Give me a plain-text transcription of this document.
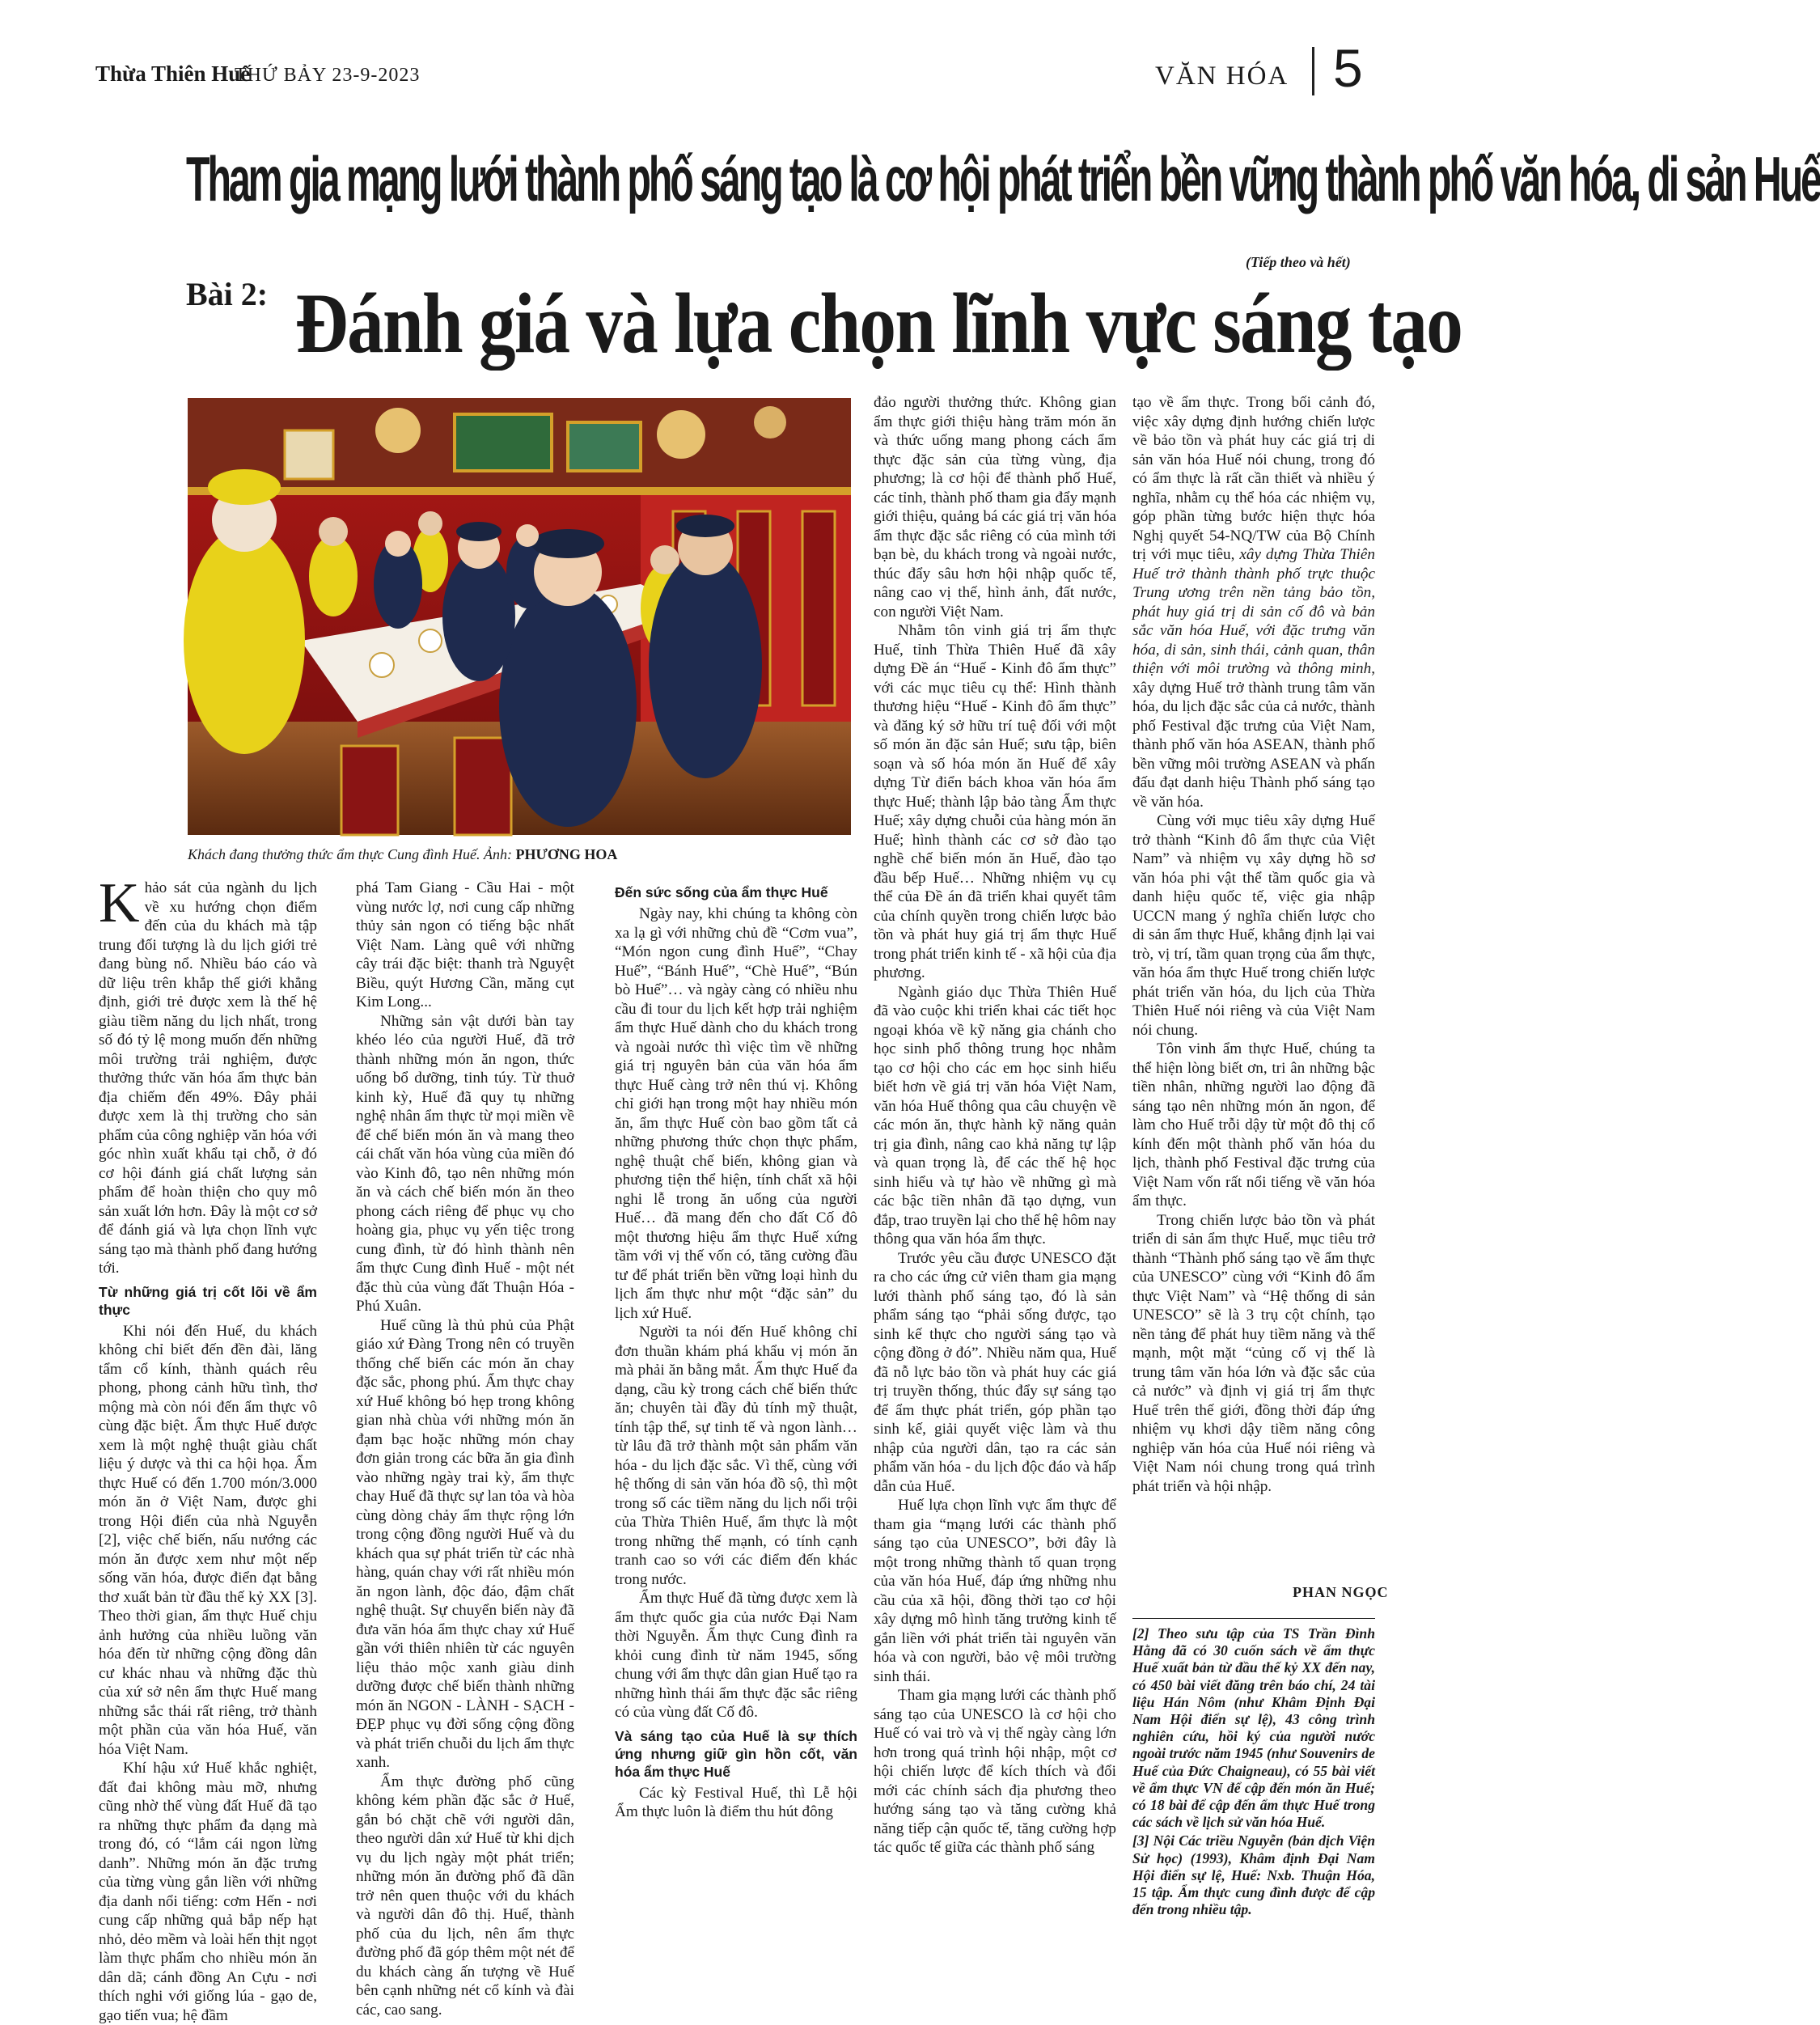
Thừa Thiên Huế
THỨ BẢY 23-9-2023	VĂN HÓA 5
Tham gia mạng lưới thành phố sáng tạo là cơ hội phát triển bền vững thành phố văn hóa, di sản Huế
(Tiếp theo và hết)
Bài 2: Đánh giá và lựa chọn lĩnh vực sáng tạo
Khách đang thưởng thức ẩm thực Cung đình Huế. Ảnh: PHƯƠNG HOA

Khảo sát của ngành du lịch về xu hướng chọn điểm đến của du khách mà tập trung đối tượng là du lịch giới trẻ đang bùng nổ. Nhiều báo cáo và dữ liệu trên khắp thế giới khẳng định, giới trẻ được xem là thế hệ giàu tiềm năng du lịch nhất, trong số đó tỷ lệ mong muốn đến những môi trường trải nghiệm, được thưởng thức văn hóa ẩm thực bản địa chiếm đến 49%. Đây phải được xem là thị trường cho sản phẩm của công nghiệp văn hóa với góc nhìn xuất khẩu tại chỗ, ở đó cơ hội đánh giá chất lượng sản phẩm để hoàn thiện cho quy mô sản xuất lớn hơn. Đây là một cơ sở để đánh giá và lựa chọn lĩnh vực sáng tạo mà thành phố đang hướng tới.

Từ những giá trị cốt lõi về ẩm thực

Khi nói đến Huế, du khách không chỉ biết đến đền đài, lăng tẩm cổ kính, thành quách rêu phong, phong cảnh hữu tình, thơ mộng mà còn nói đến ẩm thực vô cùng đặc biệt. Ẩm thực Huế được xem là một nghệ thuật giàu chất liệu ý dược và thi ca hội họa. Ẩm thực Huế có đến 1.700 món/3.000 món ăn ở Việt Nam, được ghi trong Hội điển của nhà Nguyễn [2], việc chế biến, nấu nướng các món ăn được xem như một nếp sống văn hóa, được điển đạt bằng thơ xuất bản từ đầu thế kỷ XX [3]. Theo thời gian, ẩm thực Huế chịu ảnh hưởng của nhiều luồng văn hóa đến từ những cộng đồng dân cư khác nhau và những đặc thù của xứ sở nên ẩm thực Huế mang những sắc thái rất riêng, trở thành một phần của văn hóa Huế, văn hóa Việt Nam.

Khí hậu xứ Huế khắc nghiệt, đất đai không màu mỡ, nhưng cũng nhờ thế vùng đất Huế đã tạo ra những thực phẩm đa dạng mà trong đó, có “lắm cái ngon lừng danh”. Những món ăn đặc trưng của từng vùng gắn liền với những địa danh nổi tiếng: cơm Hến - nơi cung cấp những quả bắp nếp hạt nhỏ, dẻo mềm và loài hến thịt ngọt làm thực phẩm cho nhiều món ăn dân dã; cánh đồng An Cựu - nơi thích nghi với giống lúa - gạo de, gạo tiến vua; hệ đầm

phá Tam Giang - Cầu Hai - một vùng nước lợ, nơi cung cấp những thủy sản ngon có tiếng bậc nhất Việt Nam. Làng quê với những cây trái đặc biệt: thanh trà Nguyệt Biều, quýt Hương Cần, măng cụt Kim Long...

Những sản vật dưới bàn tay khéo léo của người Huế, đã trở thành những món ăn ngon, thức uống bổ dưỡng, tinh túy. Từ thuở kinh kỳ, Huế đã quy tụ những nghệ nhân ẩm thực từ mọi miền về để chế biến món ăn và mang theo cái chất văn hóa vùng của miền đó vào Kinh đô, tạo nên những món ăn và cách chế biến món ăn theo phong cách riêng để phục vụ cho hoàng gia, phục vụ yến tiệc trong cung đình, từ đó hình thành nên ẩm thực Cung đình Huế - một nét đặc thù của vùng đất Thuận Hóa - Phú Xuân.

Huế cũng là thủ phủ của Phật giáo xứ Đàng Trong nên có truyền thống chế biến các món ăn chay đặc sắc, phong phú. Ẩm thực chay xứ Huế không bó hẹp trong không gian nhà chùa với những món ăn đạm bạc hoặc những món chay đơn giản trong các bữa ăn gia đình vào những ngày trai kỳ, ẩm thực chay Huế đã thực sự lan tỏa và hòa cùng dòng chảy ẩm thực rộng lớn trong cộng đồng người Huế và du khách qua sự phát triển từ các nhà hàng, quán chay với rất nhiều món ăn ngon lành, độc đáo, đậm chất nghệ thuật. Sự chuyển biến này đã đưa văn hóa ẩm thực chay xứ Huế gần với thiên nhiên từ các nguyên liệu thảo mộc xanh giàu dinh dưỡng được chế biến thành những món ăn NGON - LÀNH - SẠCH - ĐẸP phục vụ đời sống cộng đồng và phát triển chuỗi du lịch ẩm thực xanh.

Ẩm thực đường phố cũng không kém phần đặc sắc ở Huế, gắn bó chặt chẽ với người dân, theo người dân xứ Huế từ khi dịch vụ du lịch ngày một phát triển; những món ăn đường phố đã dần trở nên quen thuộc với du khách và người dân đô thị. Huế, thành phố của du lịch, nên ẩm thực đường phố đã góp thêm một nét để du khách càng ấn tượng về Huế bên cạnh những nét cổ kính và đài các, cao sang.

Đến sức sống của ẩm thực Huế

Ngày nay, khi chúng ta không còn xa lạ gì với những chủ đề “Cơm vua”, “Món ngon cung đình Huế”, “Chay Huế”, “Bánh Huế”, “Chè Huế”, “Bún bò Huế”… và ngày càng có nhiều nhu cầu đi tour du lịch kết hợp trải nghiệm ẩm thực Huế dành cho du khách trong và ngoài nước thì việc tìm về những giá trị nguyên bản của văn hóa ẩm thực Huế càng trở nên thú vị. Không chỉ giới hạn trong một hay nhiều món ăn, ẩm thực Huế còn bao gồm tất cả những phương thức chọn thực phẩm, nghệ thuật chế biến, không gian và phương tiện thể hiện, tính chất xã hội nghi lễ trong ăn uống của người Huế… đã mang đến cho đất Cố đô một thương hiệu ẩm thực Huế xứng tầm với vị thế vốn có, tăng cường đầu tư để phát triển bền vững loại hình du lịch ẩm thực như một “đặc sản” du lịch xứ Huế.

Người ta nói đến Huế không chỉ đơn thuần khám phá khẩu vị món ăn mà phải ăn bằng mắt. Ẩm thực Huế đa dạng, cầu kỳ trong cách chế biến thức ăn; chuyên tài đầy đủ tính mỹ thuật, tính tập thể, sự tinh tế và ngon lành… từ lâu đã trở thành một sản phẩm văn hóa - du lịch đặc sắc. Vì thế, cùng với hệ thống di sản văn hóa đồ sộ, thì một trong số các tiềm năng du lịch nổi trội của Thừa Thiên Huế, ẩm thực là một trong những thế mạnh, có tính cạnh tranh cao so với các điểm đến khác trong nước.

Ẩm thực Huế đã từng được xem là ẩm thực quốc gia của nước Đại Nam thời Nguyễn. Ẩm thực Cung đình ra khỏi cung đình từ năm 1945, sống chung với ẩm thực dân gian Huế tạo ra những hình thái ẩm thực đặc sắc riêng có của vùng đất Cố đô.

Và sáng tạo của Huế là sự thích ứng nhưng giữ gìn hồn cốt, văn hóa ẩm thực Huế

Các kỳ Festival Huế, thì Lễ hội Ẩm thực luôn là điểm thu hút đông

đảo người thưởng thức. Không gian ẩm thực giới thiệu hàng trăm món ăn và thức uống mang phong cách ẩm thực đặc sản của từng vùng, địa phương; là cơ hội để thành phố Huế, các tỉnh, thành phố tham gia đẩy mạnh giới thiệu, quảng bá các giá trị văn hóa ẩm thực đặc sắc riêng có của mình tới bạn bè, du khách trong và ngoài nước, thúc đẩy sâu hơn hội nhập quốc tế, nâng cao vị thế, hình ảnh, đất nước, con người Việt Nam.

Nhằm tôn vinh giá trị ẩm thực Huế, tỉnh Thừa Thiên Huế đã xây dựng Đề án “Huế - Kinh đô ẩm thực” với các mục tiêu cụ thể: Hình thành thương hiệu “Huế - Kinh đô ẩm thực” và đăng ký sở hữu trí tuệ đối với một số món ăn đặc sản Huế; sưu tập, biên soạn và số hóa món ăn Huế để xây dựng Từ điển bách khoa văn hóa ẩm thực Huế; thành lập bảo tàng Ẩm thực Huế; xây dựng chuỗi của hàng món ăn Huế; hình thành các cơ sở đào tạo nghề chế biến món ăn Huế, đào tạo đầu bếp Huế… Những nhiệm vụ cụ thể của Đề án đã triển khai quyết tâm của chính quyền trong chiến lược bảo tồn và phát huy giá trị ẩm thực Huế trong phát triển kinh tế - xã hội của địa phương.

Ngành giáo dục Thừa Thiên Huế đã vào cuộc khi triển khai các tiết học ngoại khóa về kỹ năng gia chánh cho học sinh phổ thông trung học nhằm tạo cơ hội cho các em học sinh hiểu biết hơn về giá trị văn hóa Việt Nam, văn hóa Huế thông qua câu chuyện về các món ăn, thực hành kỹ năng quản trị gia đình, nâng cao khả năng tự lập và quan trọng là, để các thế hệ học sinh hiểu và tự hào về những gì mà các bậc tiền nhân đã tạo dựng, vun đắp, trao truyền lại cho thế hệ hôm nay thông qua văn hóa ẩm thực.

Trước yêu cầu được UNESCO đặt ra cho các ứng cử viên tham gia mạng lưới thành phố sáng tạo, đó là sản phẩm sáng tạo “phải sống được, tạo sinh kế thực cho người sáng tạo và cộng đồng ở đó”. Nhiều năm qua, Huế đã nỗ lực bảo tồn và phát huy các giá trị truyền thống, thúc đẩy sự sáng tạo để ẩm thực phát triển, góp phần tạo sinh kế, giải quyết việc làm và thu nhập của người dân, tạo ra các sản phẩm văn hóa - du lịch độc đáo và hấp dẫn của Huế.

Huế lựa chọn lĩnh vực ẩm thực để tham gia “mạng lưới các thành phố sáng tạo của UNESCO”, bởi đây là một trong những thành tố quan trọng của văn hóa Huế, đáp ứng những nhu cầu của xã hội, đồng thời tạo cơ hội xây dựng mô hình tăng trưởng kinh tế gắn liền với phát triển tài nguyên văn hóa và con người, bảo vệ môi trường sinh thái.

Tham gia mạng lưới các thành phố sáng tạo của UNESCO là cơ hội cho Huế có vai trò và vị thế ngày càng lớn hơn trong quá trình hội nhập, một cơ hội chiến lược để kích thích và đổi mới các chính sách địa phương theo hướng sáng tạo và tăng cường khả năng tiếp cận quốc tế, tăng cường hợp tác quốc tế giữa các thành phố sáng

tạo về ẩm thực. Trong bối cảnh đó, việc xây dựng định hướng chiến lược về bảo tồn và phát huy các giá trị di sản văn hóa Huế nói chung, trong đó có ẩm thực là rất cần thiết và nhiều ý nghĩa, nhằm cụ thể hóa các nhiệm vụ, góp phần từng bước hiện thực hóa Nghị quyết 54-NQ/TW của Bộ Chính trị với mục tiêu, xây dựng Thừa Thiên Huế trở thành thành phố trực thuộc Trung ương trên nền tảng bảo tồn, phát huy giá trị di sản cố đô và bản sắc văn hóa Huế, với đặc trưng văn hóa, di sản, sinh thái, cảnh quan, thân thiện với môi trường và thông minh, xây dựng Huế trở thành trung tâm văn hóa, du lịch đặc sắc của cả nước, thành phố Festival đặc trưng của Việt Nam, thành phố văn hóa ASEAN, thành phố bền vững môi trường ASEAN và phấn đấu đạt danh hiệu Thành phố sáng tạo về văn hóa.

Cùng với mục tiêu xây dựng Huế trở thành “Kinh đô ẩm thực của Việt Nam” và nhiệm vụ xây dựng hồ sơ văn hóa phi vật thể tầm quốc gia và danh hiệu quốc tế, việc gia nhập UCCN mang ý nghĩa chiến lược cho di sản ẩm thực Huế, khẳng định lại vai trò, vị trí, tầm quan trọng của ẩm thực, văn hóa ẩm thực Huế trong chiến lược phát triển văn hóa, du lịch của Thừa Thiên Huế nói riêng và của Việt Nam nói chung.

Tôn vinh ẩm thực Huế, chúng ta thể hiện lòng biết ơn, tri ân những bậc tiền nhân, những người lao động đã sáng tạo nên những món ăn ngon, để làm cho Huế trỗi dậy từ một đô thị cổ kính đến một thành phố văn hóa du lịch, thành phố Festival đặc trưng của Việt Nam vốn rất nổi tiếng về văn hóa ẩm thực.

Trong chiến lược bảo tồn và phát triển di sản ẩm thực Huế, mục tiêu trở thành “Thành phố sáng tạo về ẩm thực của UNESCO” cùng với “Kinh đô ẩm thực Việt Nam” và “Hệ thống di sản UNESCO” sẽ là 3 trụ cột chính, tạo nền tảng để phát huy tiềm năng và thế mạnh, một mặt “củng cố vị thế là trung tâm văn hóa lớn và đặc sắc của cả nước” và định vị giá trị ẩm thực Huế trên thế giới, đồng thời đáp ứng nhiệm vụ khơi dậy tiềm năng công nghiệp văn hóa của Huế nói riêng và Việt Nam nói chung trong quá trình phát triển và hội nhập.

PHAN NGỌC

[2] Theo sưu tập của TS Trần Đình Hằng đã có 30 cuốn sách về ẩm thực Huế xuất bản từ đầu thế kỷ XX đến nay, có 450 bài viết đăng trên báo chí, 24 tài liệu Hán Nôm (như Khâm Định Đại Nam Hội điển sự lệ), 43 công trình nghiên cứu, hồi ký của người nước ngoài trước năm 1945 (như Souvenirs de Huế của Đức Chaigneau), có 55 bài viết về ẩm thực VN để cập đến món ăn Huế; có 18 bài để cập đến ẩm thực Huế trong các sách về lịch sử văn hóa Huế.

[3] Nội Các triều Nguyễn (bản dịch Viện Sử học) (1993), Khâm định Đại Nam Hội điển sự lệ, Huế: Nxb. Thuận Hóa, 15 tập. Ẩm thực cung đình được để cập đến trong nhiều tập.
